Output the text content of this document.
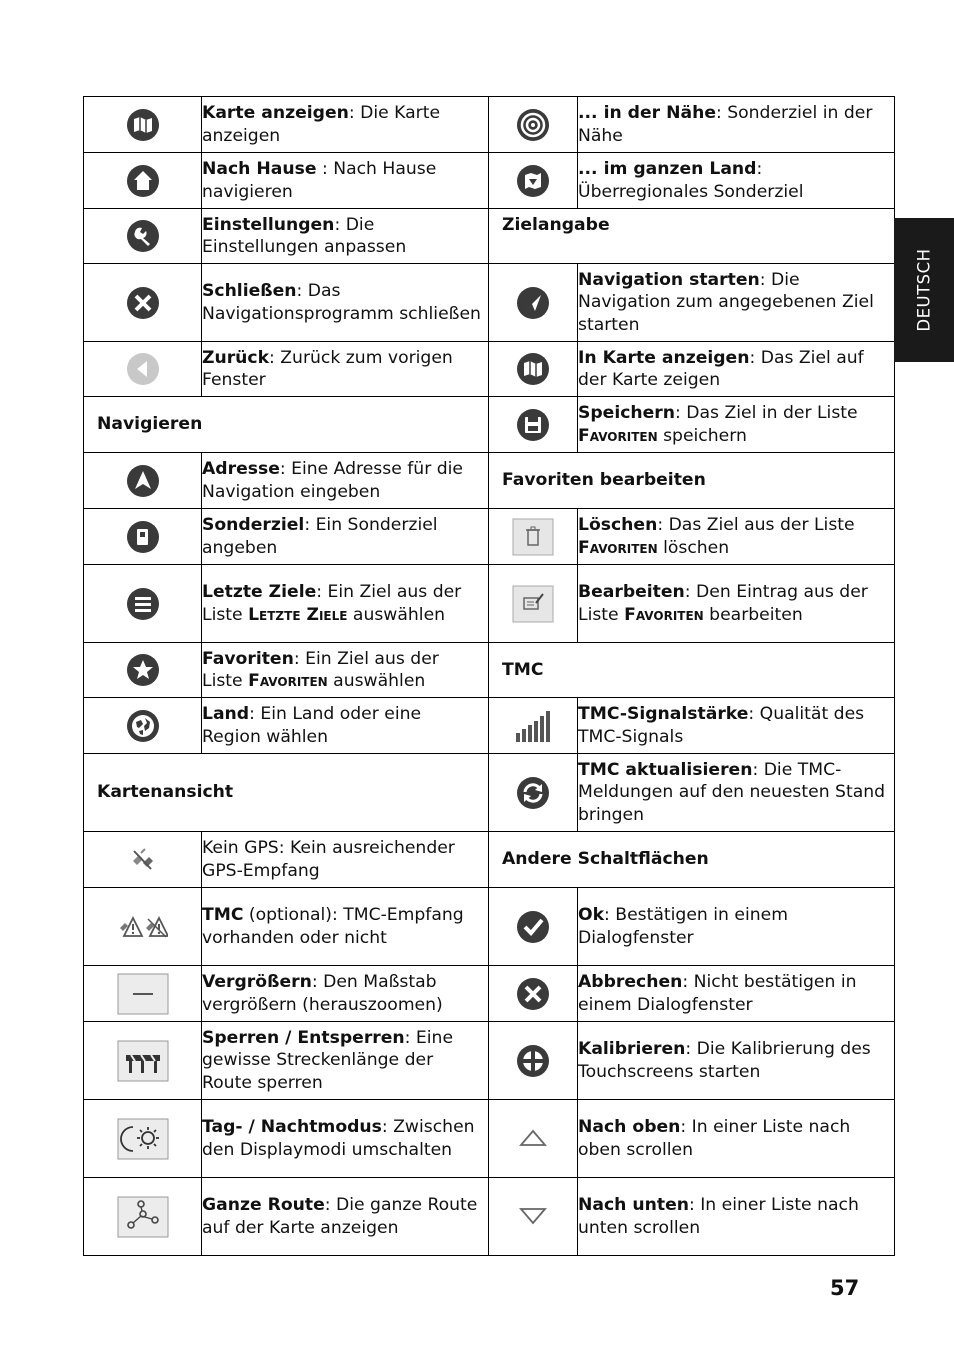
	Karte anzeigen: Die Karte anzeigen		... in der Nähe: Sonderziel in der Nähe
	Nach Hause : Nach Hause navigieren		... im ganzen Land: Überregionales Sonderziel
	Einstellungen: Die Einstellungen anpassen	Zielangabe	
	Schließen: Das Navigationsprogramm schließen		Navigation starten: Die Navigation zum angegebenen Ziel starten
	Zurück: Zurück zum vorigen Fenster		In Karte anzeigen: Das Ziel auf der Karte zeigen
Navigieren			Speichern: Das Ziel in der Liste Favoriten speichern
	Adresse: Eine Adresse für die Navigation eingeben	Favoriten bearbeiten	
	Sonderziel: Ein Sonderziel angeben		Löschen: Das Ziel aus der Liste Favoriten löschen
	Letzte Ziele: Ein Ziel aus der Liste Letzte Ziele auswählen		Bearbeiten: Den Eintrag aus der Liste Favoriten bearbeiten
	Favoriten: Ein Ziel aus der Liste Favoriten auswählen	TMC	
	Land: Ein Land oder eine Region wählen		TMC-Signalstärke: Qualität des TMC-Signals
Kartenansicht			TMC aktualisieren: Die TMC-Meldungen auf den neuesten Stand bringen
	Kein GPS: Kein ausreichender GPS-Empfang	Andere Schaltflächen	
	TMC (optional): TMC-Empfang vorhanden oder nicht		Ok: Bestätigen in einem Dialogfenster
	Vergrößern: Den Maßstab vergrößern (herauszoomen)		Abbrechen: Nicht bestätigen in einem Dialogfenster
	Sperren / Entsperren: Eine gewisse Streckenlänge der Route sperren		Kalibrieren: Die Kalibrierung des Touchscreens starten
	Tag- / Nachtmodus: Zwischen den Displaymodi umschalten		Nach oben: In einer Liste nach oben scrollen
	Ganze Route: Die ganze Route auf der Karte anzeigen		Nach unten: In einer Liste nach unten scrollen
DEUTSCH
57
